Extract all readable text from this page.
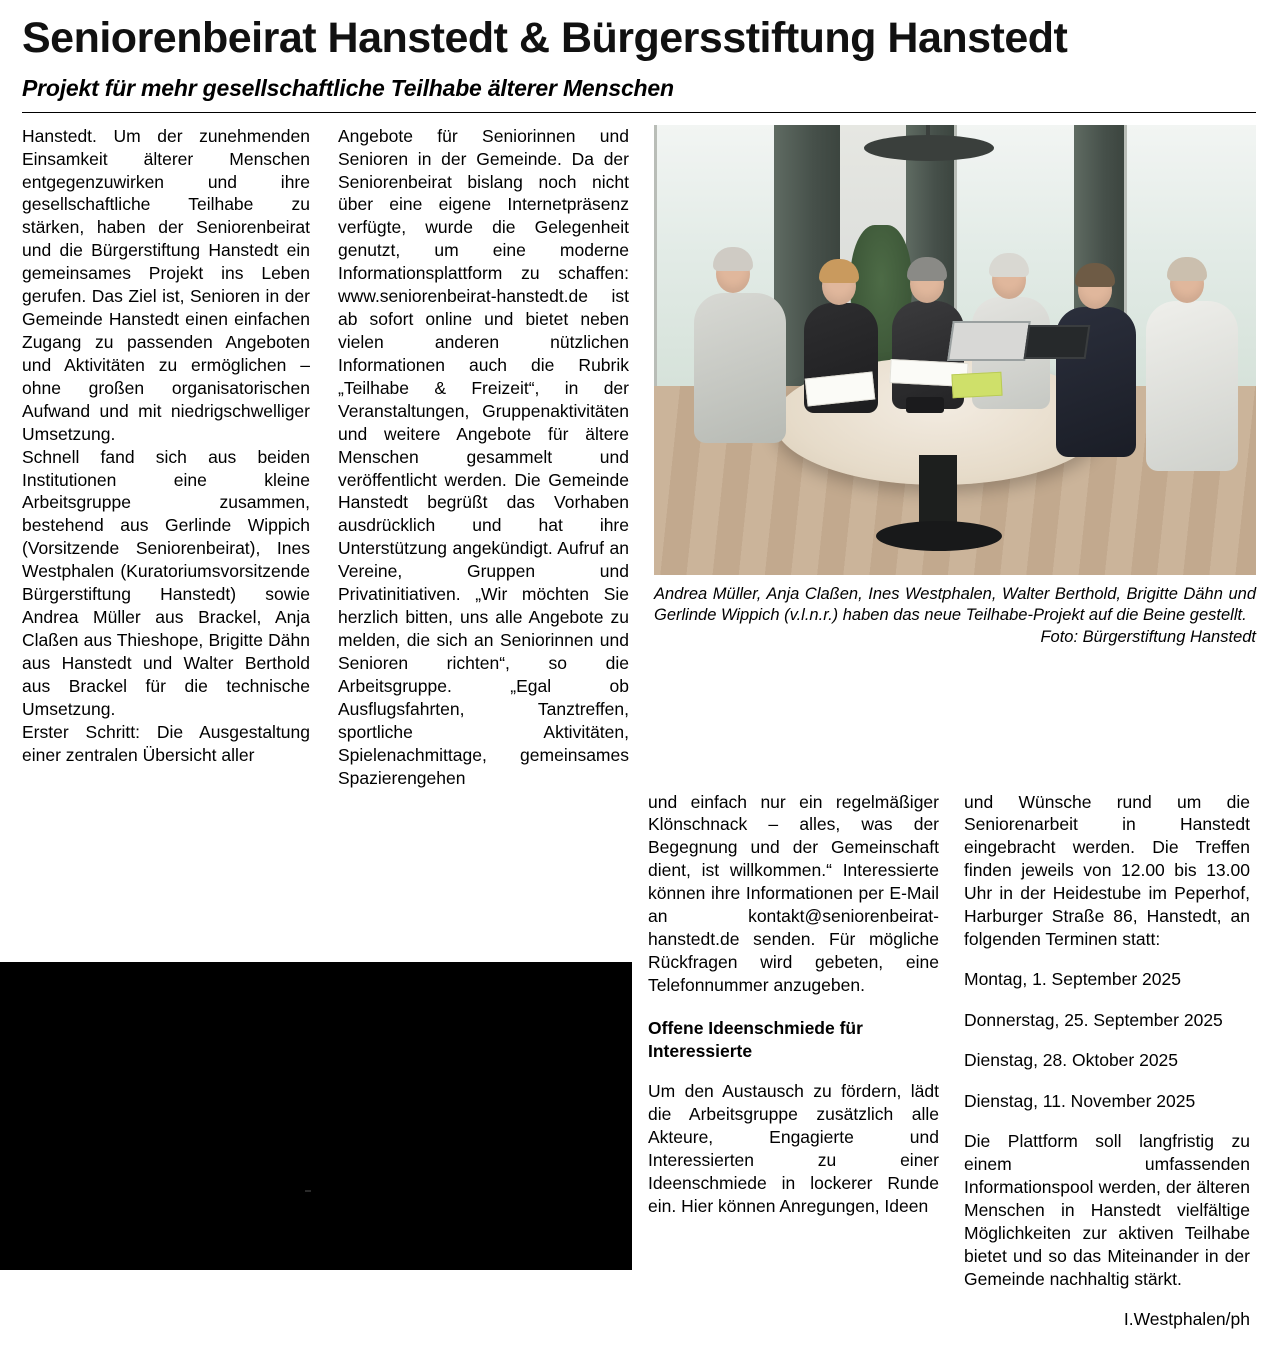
Seniorenbeirat Hanstedt & Bürgersstiftung Hanstedt
Projekt für mehr gesellschaftliche Teilhabe älterer Menschen

Hanstedt. Um der zunehmenden Einsamkeit älterer Menschen entgegenzuwirken und ihre gesellschaftliche Teilhabe zu stärken, haben der Seniorenbeirat und die Bürgerstiftung Hanstedt ein gemeinsames Projekt ins Leben gerufen. Das Ziel ist, Senioren in der Gemeinde Hanstedt einen einfachen Zugang zu passenden Angeboten und Aktivitäten zu ermöglichen – ohne großen organisatorischen Aufwand und mit niedrigschwelliger Umsetzung.

Schnell fand sich aus beiden Institutionen eine kleine Arbeitsgruppe zusammen, bestehend aus Gerlinde Wippich (Vorsitzende Seniorenbeirat), Ines Westphalen (Kuratoriumsvorsitzende Bürgerstiftung Hanstedt) sowie Andrea Müller aus Brackel, Anja Claßen aus Thieshope, Brigitte Dähn aus Hanstedt und Walter Berthold aus Brackel für die technische Umsetzung.

Erster Schritt: Die Ausgestaltung einer zentralen Übersicht aller

Angebote für Seniorinnen und Senioren in der Gemeinde. Da der Seniorenbeirat bislang noch nicht über eine eigene Internetpräsenz verfügte, wurde die Gelegenheit genutzt, um eine moderne Informationsplattform zu schaffen: www.seniorenbeirat-hanstedt.de ist ab sofort online und bietet neben vielen anderen nützlichen Informationen auch die Rubrik „Teilhabe & Freizeit“, in der Veranstaltungen, Gruppenaktivitäten und weitere Angebote für ältere Menschen gesammelt und veröffentlicht werden. Die Gemeinde Hanstedt begrüßt das Vorhaben ausdrücklich und hat ihre Unterstützung angekündigt. Aufruf an Vereine, Gruppen und Privatinitiativen. „Wir möchten Sie herzlich bitten, uns alle Angebote zu melden, die sich an Seniorinnen und Senioren richten“, so die Arbeitsgruppe. „Egal ob Ausflugsfahrten, Tanztreffen, sportliche Aktivitäten, Spielenachmittage, gemeinsames Spazierengehen

Andrea Müller, Anja Claßen, Ines Westphalen, Walter Berthold, Brigitte Dähn und Gerlinde Wippich (v.l.n.r.) haben das neue Teilhabe-Projekt auf die Beine gestellt.
Foto: Bürgerstiftung Hanstedt

und einfach nur ein regelmäßiger Klönschnack – alles, was der Begegnung und der Gemeinschaft dient, ist willkommen.“ Interessierte können ihre Informationen per E-Mail an kontakt@seniorenbeirat-hanstedt.de senden. Für mögliche Rückfragen wird gebeten, eine Telefonnummer anzugeben.

Offene Ideenschmiede für Interessierte

Um den Austausch zu fördern, lädt die Arbeitsgruppe zusätzlich alle Akteure, Engagierte und Interessierten zu einer Ideenschmiede in lockerer Runde ein. Hier können Anregungen, Ideen

und Wünsche rund um die Seniorenarbeit in Hanstedt eingebracht werden. Die Treffen finden jeweils von 12.00 bis 13.00 Uhr in der Heidestube im Peperhof, Harburger Straße 86, Hanstedt, an folgenden Terminen statt:

Montag, 1. September 2025

Donnerstag, 25. September 2025

Dienstag, 28. Oktober 2025

Dienstag, 11. November 2025

Die Plattform soll langfristig zu einem umfassenden Informationspool werden, der älteren Menschen in Hanstedt vielfältige Möglichkeiten zur aktiven Teilhabe bietet und so das Miteinander in der Gemeinde nachhaltig stärkt.

I.Westphalen/ph
